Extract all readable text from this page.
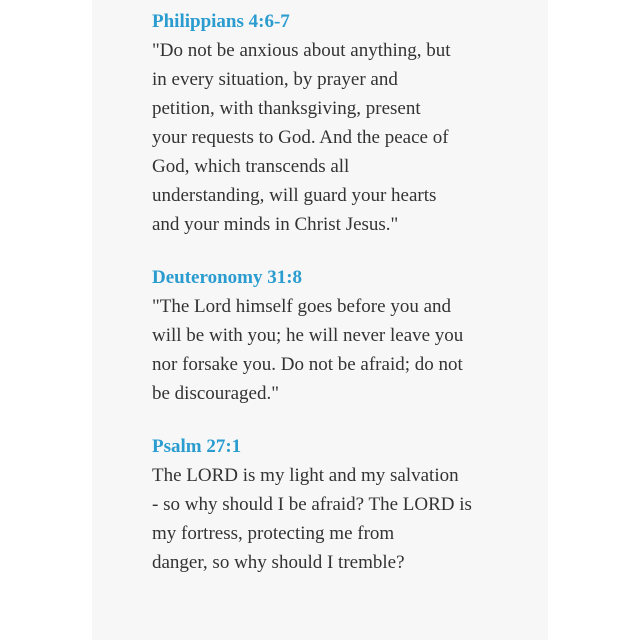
Philippians 4:6-7
"Do not be anxious about anything, but
in every situation, by prayer and
petition, with thanksgiving, present
your requests to God. And the peace of
God, which transcends all
understanding, will guard your hearts
and your minds in Christ Jesus."
Deuteronomy 31:8
"The Lord himself goes before you and
will be with you; he will never leave you
nor forsake you. Do not be afraid; do not
be discouraged."
Psalm 27:1
The LORD is my light and my salvation
- so why should I be afraid? The LORD is
my fortress, protecting me from
danger, so why should I tremble?
